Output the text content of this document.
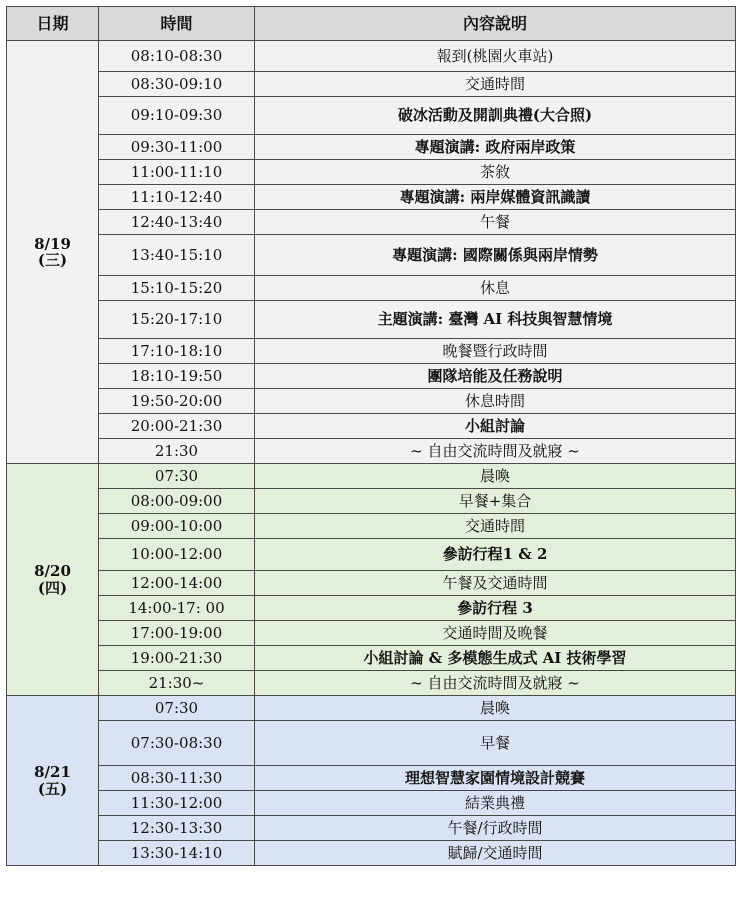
日期	時間	內容說明

8/19
(三)	08:10-08:30	報到(桃園火車站)
	08:30-09:10	交通時間
	09:10-09:30	破冰活動及開訓典禮(大合照)
	09:30-11:00	專題演講: 政府兩岸政策
	11:00-11:10	茶敘
	11:10-12:40	專題演講: 兩岸媒體資訊識讀
	12:40-13:40	午餐
	13:40-15:10	專題演講: 國際關係與兩岸情勢
	15:10-15:20	休息
	15:20-17:10	主題演講: 臺灣 AI 科技與智慧情境
	17:10-18:10	晚餐暨行政時間
	18:10-19:50	團隊培能及任務說明
	19:50-20:00	休息時間
	20:00-21:30	小組討論
	21:30	~ 自由交流時間及就寢 ~

8/20
(四)	07:30	晨喚
	08:00-09:00	早餐+集合
	09:00-10:00	交通時間
	10:00-12:00	參訪行程1 & 2
	12:00-14:00	午餐及交通時間
	14:00-17: 00	參訪行程 3
	17:00-19:00	交通時間及晚餐
	19:00-21:30	小組討論 & 多模態生成式 AI 技術學習
	21:30~	~ 自由交流時間及就寢 ~

8/21
(五)	07:30	晨喚
	07:30-08:30	早餐
	08:30-11:30	理想智慧家園情境設計競賽
	11:30-12:00	結業典禮
	12:30-13:30	午餐/行政時間
	13:30-14:10	賦歸/交通時間
